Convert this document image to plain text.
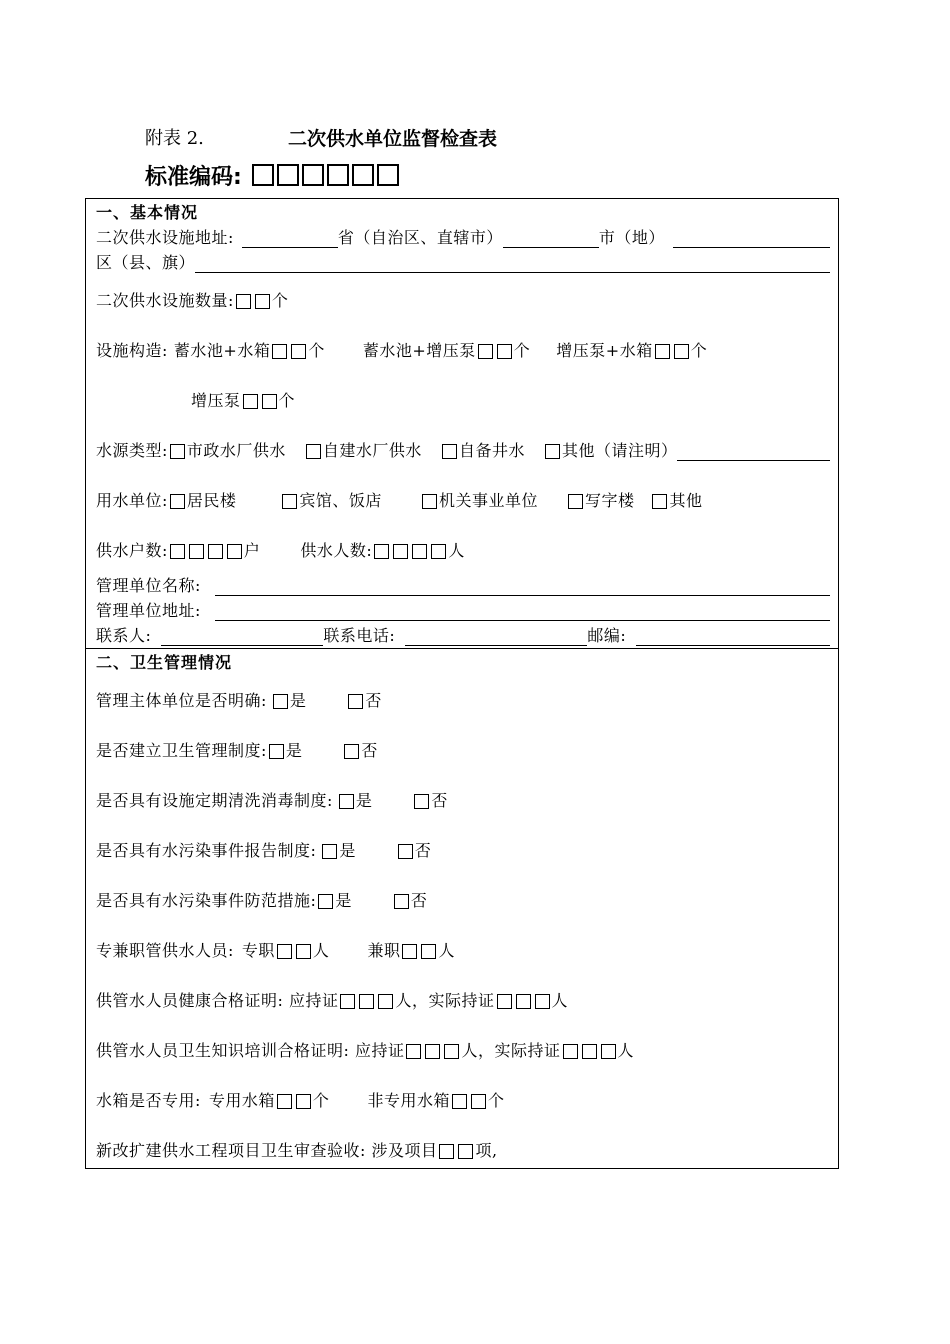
附表 2.	二次供水单位监督检查表
标准编码:
一、基本情况
二次供水设施地址:	省（自治区、直辖市）	市（地）
区（县、旗）
二次供水设施数量: 个
设施构造: 蓄水池+水箱 个 蓄水池+增压泵 个 增压泵+水箱 个
增压泵 个
水源类型: 市政水厂供水 自建水厂供水 自备井水 其他（请注明）
用水单位: 居民楼	宾馆、饭店	机关事业单位	写字楼 其他
供水户数:	户	供水人数:	人
管理单位名称:
管理单位地址:
联系人:	联系电话:	邮编:
二、卫生管理情况
管理主体单位是否明确: 是	否
是否建立卫生管理制度: 是	否
是否具有设施定期清洗消毒制度: 是	否
是否具有水污染事件报告制度: 是	否
是否具有水污染事件防范措施: 是	否
专兼职管供水人员: 专职 人 兼职 人
供管水人员健康合格证明: 应持证	人，实际持证	人
供管水人员卫生知识培训合格证明: 应持证	人，实际持证	人
水箱是否专用: 专用水箱 个 非专用水箱 个
新改扩建供水工程项目卫生审查验收: 涉及项目 项,
